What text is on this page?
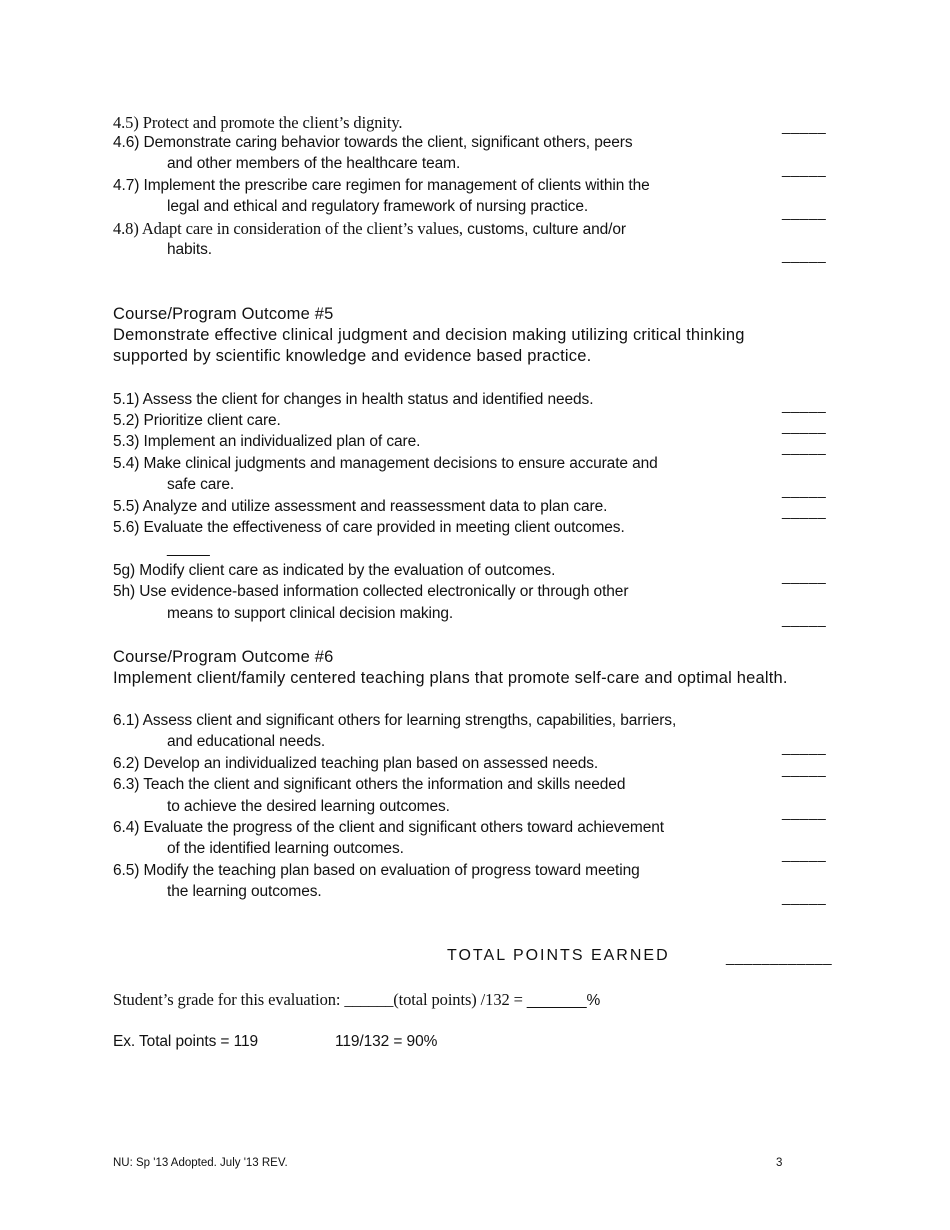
4.5) Protect and promote the client’s dignity.	_____
4.6) Demonstrate caring behavior towards the client, significant others, peers
and other members of the healthcare team.	_____
4.7) Implement the prescribe care regimen for management of clients within the
legal and ethical and regulatory framework of nursing practice.	_____
4.8) Adapt care in consideration of the client’s values, customs, culture and/or
habits.	_____
Course/Program Outcome #5
Demonstrate effective clinical judgment and decision making utilizing critical thinking
supported by scientific knowledge and evidence based practice.
5.1) Assess the client for changes in health status and identified needs.	_____
5.2) Prioritize client care.	_____
5.3) Implement an individualized plan of care.	_____
5.4) Make clinical judgments and management decisions to ensure accurate and
safe care.	_____
5.5) Analyze and utilize assessment and reassessment data to plan care.	_____
5.6) Evaluate the effectiveness of care provided in meeting client outcomes.
_____
5g) Modify client care as indicated by the evaluation of outcomes.	_____
5h) Use evidence-based information collected electronically or through other
means to support clinical decision making.	_____
Course/Program Outcome #6
Implement client/family centered teaching plans that promote self-care and optimal health.
6.1) Assess client and significant others for learning strengths, capabilities, barriers,
and educational needs.	_____
6.2) Develop an individualized teaching plan based on assessed needs.	_____
6.3) Teach the client and significant others the information and skills needed
to achieve the desired learning outcomes.	_____
6.4) Evaluate the progress of the client and significant others toward achievement
of the identified learning outcomes.	_____
6.5) Modify the teaching plan based on evaluation of progress toward meeting
the learning outcomes.	_____
TOTAL POINTS EARNED	____________
Student’s grade for this evaluation: ______(total points) /132 = _______%
Ex. Total points = 119	119/132 = 90%
NU: Sp '13 Adopted. July '13 REV.	3
